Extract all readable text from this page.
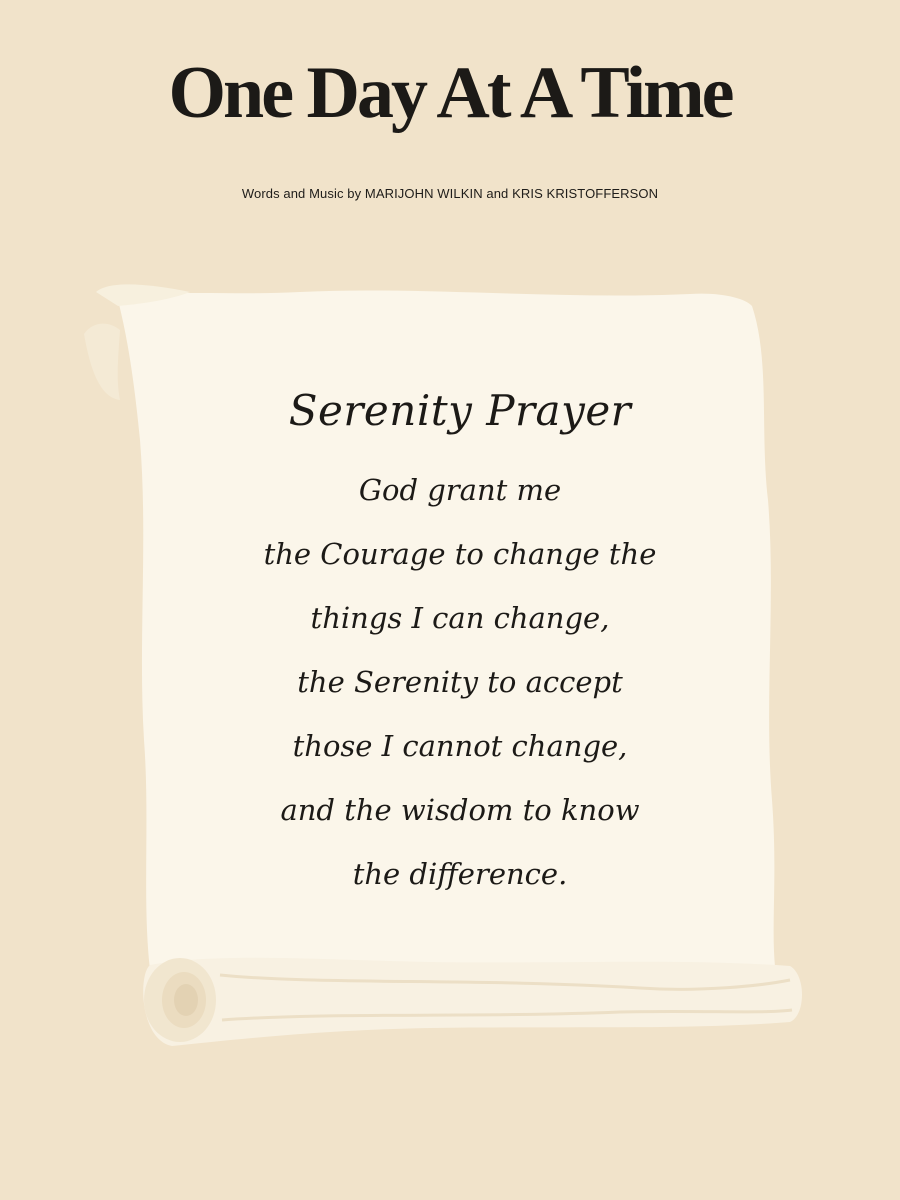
One Day At A Time
Words and Music by MARIJOHN WILKIN and KRIS KRISTOFFERSON
Serenity Prayer
God grant me
the Courage to change the
things I can change,
the Serenity to accept
those I cannot change,
and the wisdom to know
the difference.
